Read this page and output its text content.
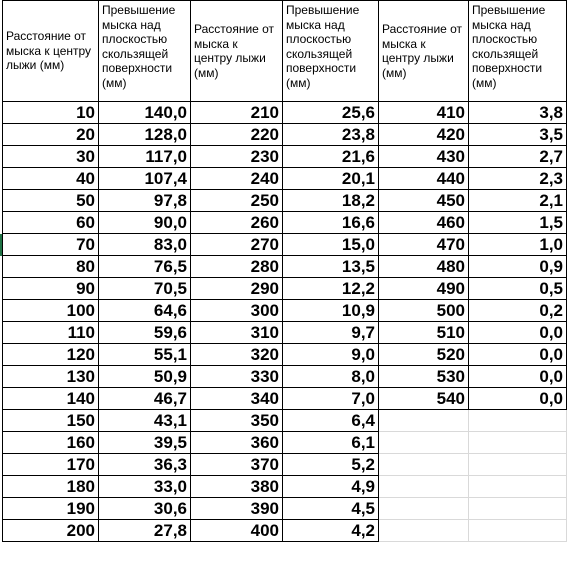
Расстояние от мыска к центру лыжи (мм)	Превышение мыска над плоскостью скользящей поверхности (мм)	Расстояние от мыска к центру лыжи (мм)	Превышение мыска над плоскостью скользящей поверхности (мм)	Расстояние от мыска к центру лыжи (мм)	Превышение мыска над плоскостью скользящей поверхности (мм)
10	140,0	210	25,6	410	3,8
20	128,0	220	23,8	420	3,5
30	117,0	230	21,6	430	2,7
40	107,4	240	20,1	440	2,3
50	97,8	250	18,2	450	2,1
60	90,0	260	16,6	460	1,5
70	83,0	270	15,0	470	1,0
80	76,5	280	13,5	480	0,9
90	70,5	290	12,2	490	0,5
100	64,6	300	10,9	500	0,2
110	59,6	310	9,7	510	0,0
120	55,1	320	9,0	520	0,0
130	50,9	330	8,0	530	0,0
140	46,7	340	7,0	540	0,0
150	43,1	350	6,4		
160	39,5	360	6,1		
170	36,3	370	5,2		
180	33,0	380	4,9		
190	30,6	390	4,5		
200	27,8	400	4,2		
